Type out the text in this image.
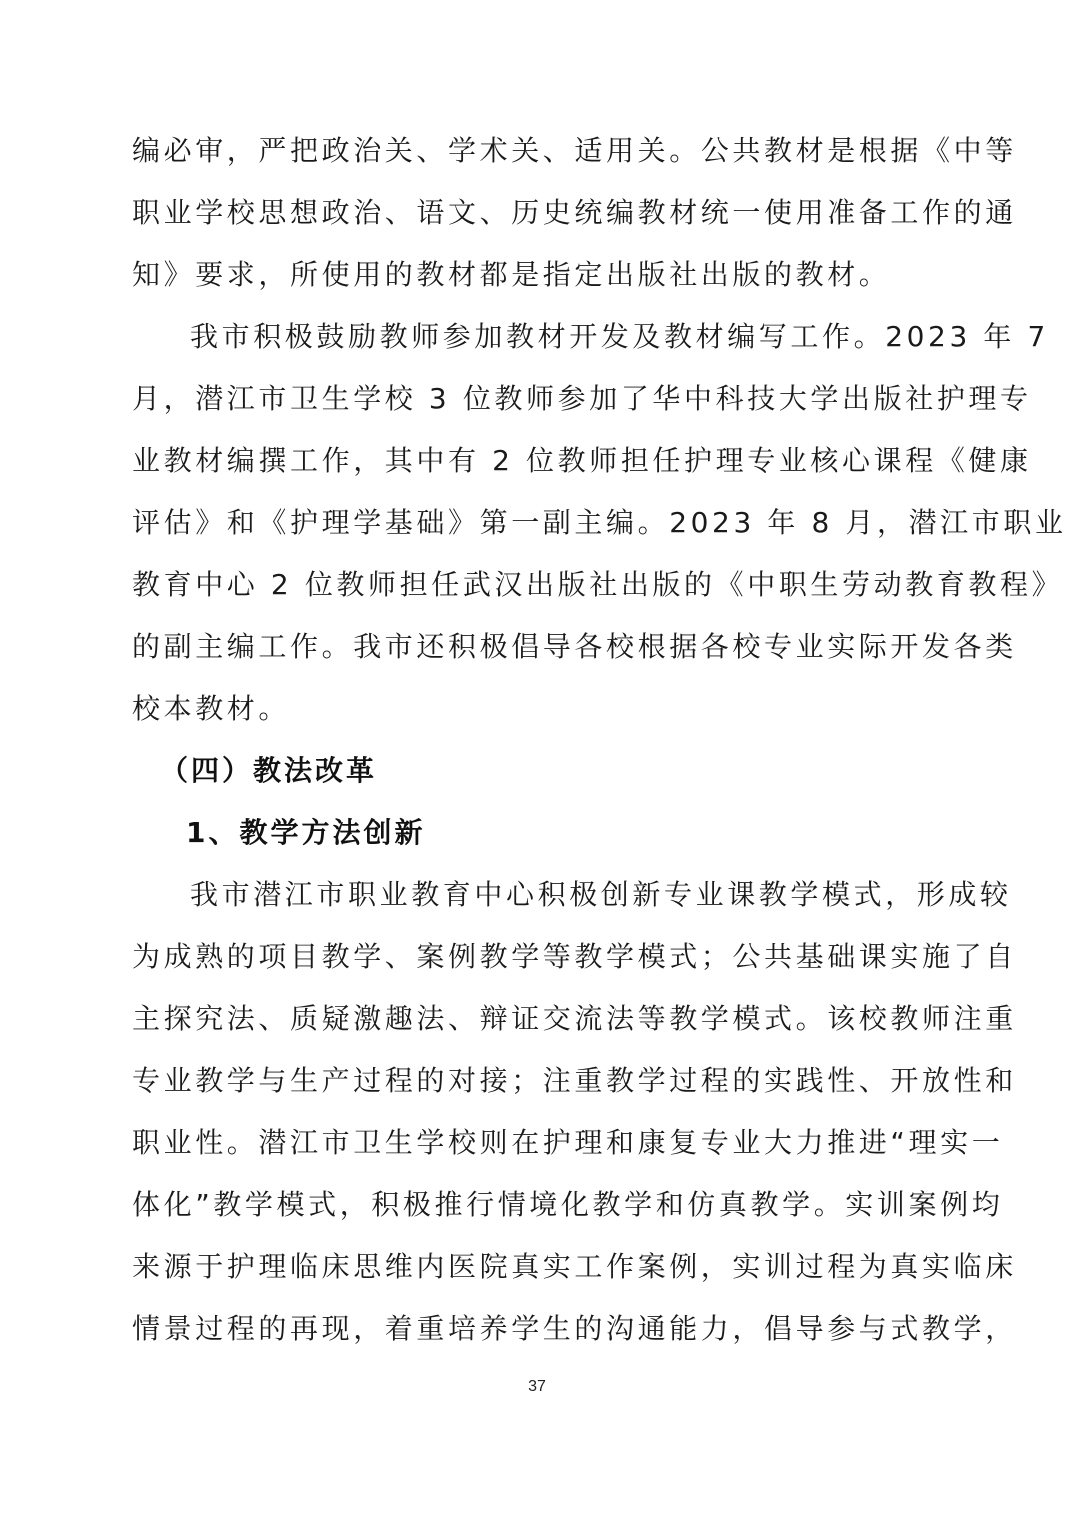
编必审，严把政治关、学术关、适用关。公共教材是根据《中等
职业学校思想政治、语文、历史统编教材统一使用准备工作的通
知》要求，所使用的教材都是指定出版社出版的教材。
我市积极鼓励教师参加教材开发及教材编写工作。2023 年 7
月，潜江市卫生学校 3 位教师参加了华中科技大学出版社护理专
业教材编撰工作，其中有 2 位教师担任护理专业核心课程《健康
评估》和《护理学基础》第一副主编。2023 年 8 月，潜江市职业
教育中心 2 位教师担任武汉出版社出版的《中职生劳动教育教程》
的副主编工作。我市还积极倡导各校根据各校专业实际开发各类
校本教材。
（四）教法改革
1、教学方法创新
我市潜江市职业教育中心积极创新专业课教学模式，形成较
为成熟的项目教学、案例教学等教学模式；公共基础课实施了自
主探究法、质疑激趣法、辩证交流法等教学模式。该校教师注重
专业教学与生产过程的对接；注重教学过程的实践性、开放性和
职业性。潜江市卫生学校则在护理和康复专业大力推进“理实一
体化”教学模式，积极推行情境化教学和仿真教学。实训案例均
来源于护理临床思维内医院真实工作案例，实训过程为真实临床
情景过程的再现，着重培养学生的沟通能力，倡导参与式教学，
37
